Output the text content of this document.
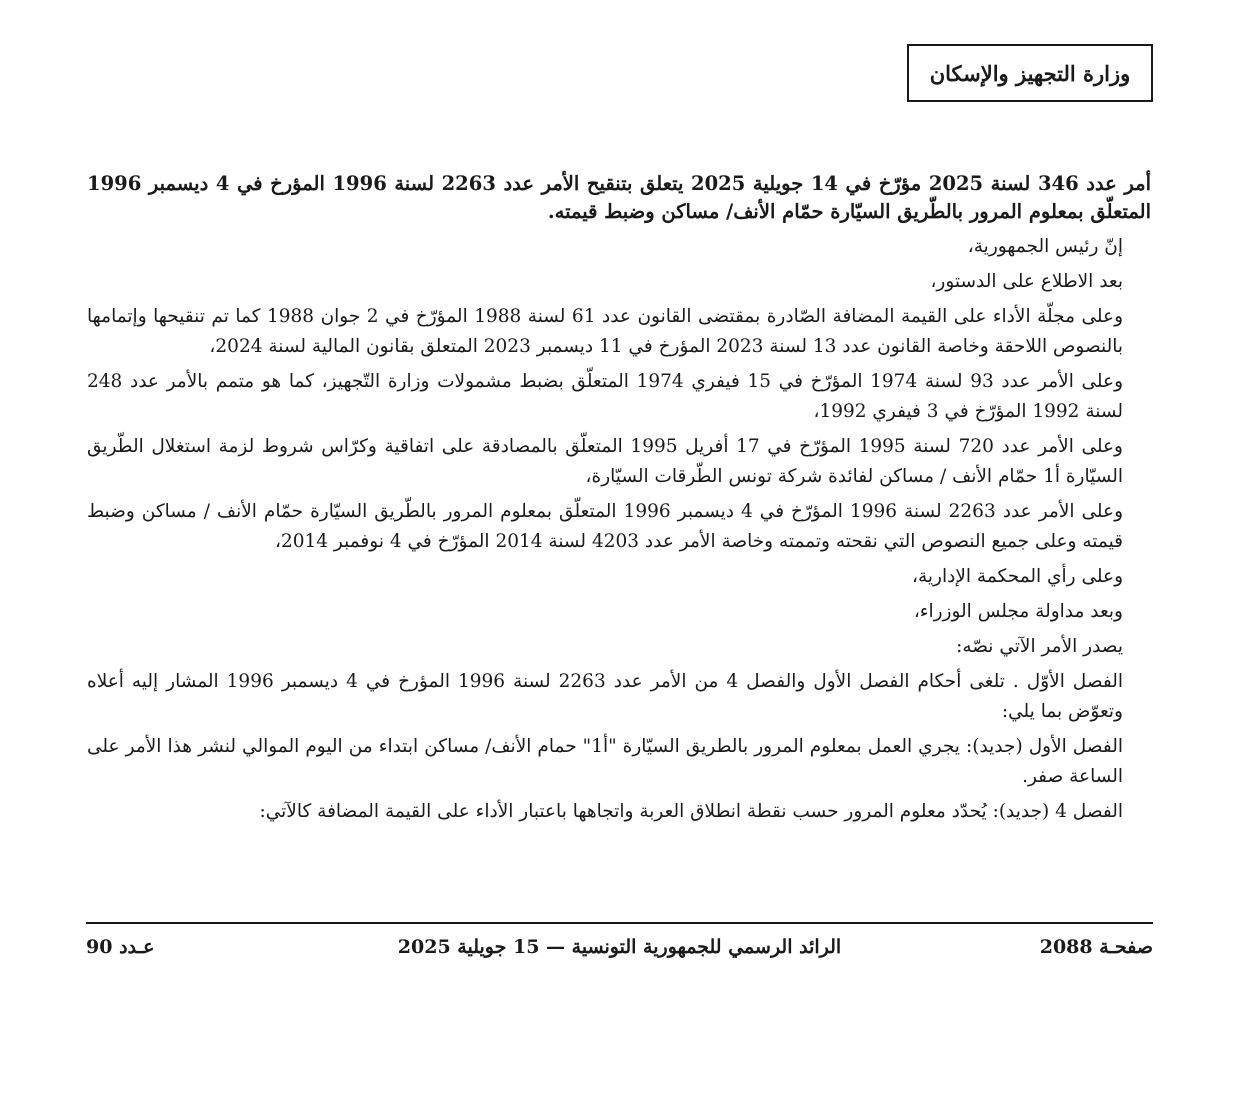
وزارة التجهيز والإسكان

أمر عدد 346 لسنة 2025 مؤرّخ في 14 جويلية 2025 يتعلق بتنقيح الأمر عدد 2263 لسنة 1996 المؤرخ في 4 ديسمبر 1996 المتعلّق بمعلوم المرور بالطّريق السيّارة حمّام الأنف/ مساكن وضبط قيمته.

إنّ رئيس الجمهورية،

بعد الاطلاع على الدستور،

وعلى مجلّة الأداء على القيمة المضافة الصّادرة بمقتضى القانون عدد 61 لسنة 1988 المؤرّخ في 2 جوان 1988 كما تم تنقيحها وإتمامها بالنصوص اللاحقة وخاصة القانون عدد 13 لسنة 2023 المؤرخ في 11 ديسمبر 2023 المتعلق بقانون المالية لسنة 2024،

وعلى الأمر عدد 93 لسنة 1974 المؤرّخ في 15 فيفري 1974 المتعلّق بضبط مشمولات وزارة التّجهيز، كما هو متمم بالأمر عدد 248 لسنة 1992 المؤرّخ في 3 فيفري 1992،

وعلى الأمر عدد 720 لسنة 1995 المؤرّخ في 17 أفريل 1995 المتعلّق بالمصادقة على اتفاقية وكرّاس شروط لزمة استغلال الطّريق السيّارة أ1 حمّام الأنف / مساكن لفائدة شركة تونس الطّرقات السيّارة،

وعلى الأمر عدد 2263 لسنة 1996 المؤرّخ في 4 ديسمبر 1996 المتعلّق بمعلوم المرور بالطّريق السيّارة حمّام الأنف / مساكن وضبط قيمته وعلى جميع النصوص التي نقحته وتممته وخاصة الأمر عدد 4203 لسنة 2014 المؤرّخ في 4 نوفمبر 2014،

وعلى رأي المحكمة الإدارية،

وبعد مداولة مجلس الوزراء،

يصدر الأمر الآتي نصّه:

الفصل الأوّل . تلغى أحكام الفصل الأول والفصل 4 من الأمر عدد 2263 لسنة 1996 المؤرخ في 4 ديسمبر 1996 المشار إليه أعلاه وتعوّض بما يلي:

الفصل الأول (جديد): يجري العمل بمعلوم المرور بالطريق السيّارة "أ1" حمام الأنف/ مساكن ابتداء من اليوم الموالي لنشر هذا الأمر على الساعة صفر.

الفصل 4 (جديد): يُحدّد معلوم المرور حسب نقطة انطلاق العربة واتجاهها باعتبار الأداء على القيمة المضافة كالآتي:

صفحـة 2088
الرائد الرسمي للجمهورية التونسية — 15 جويلية 2025
عـدد 90
